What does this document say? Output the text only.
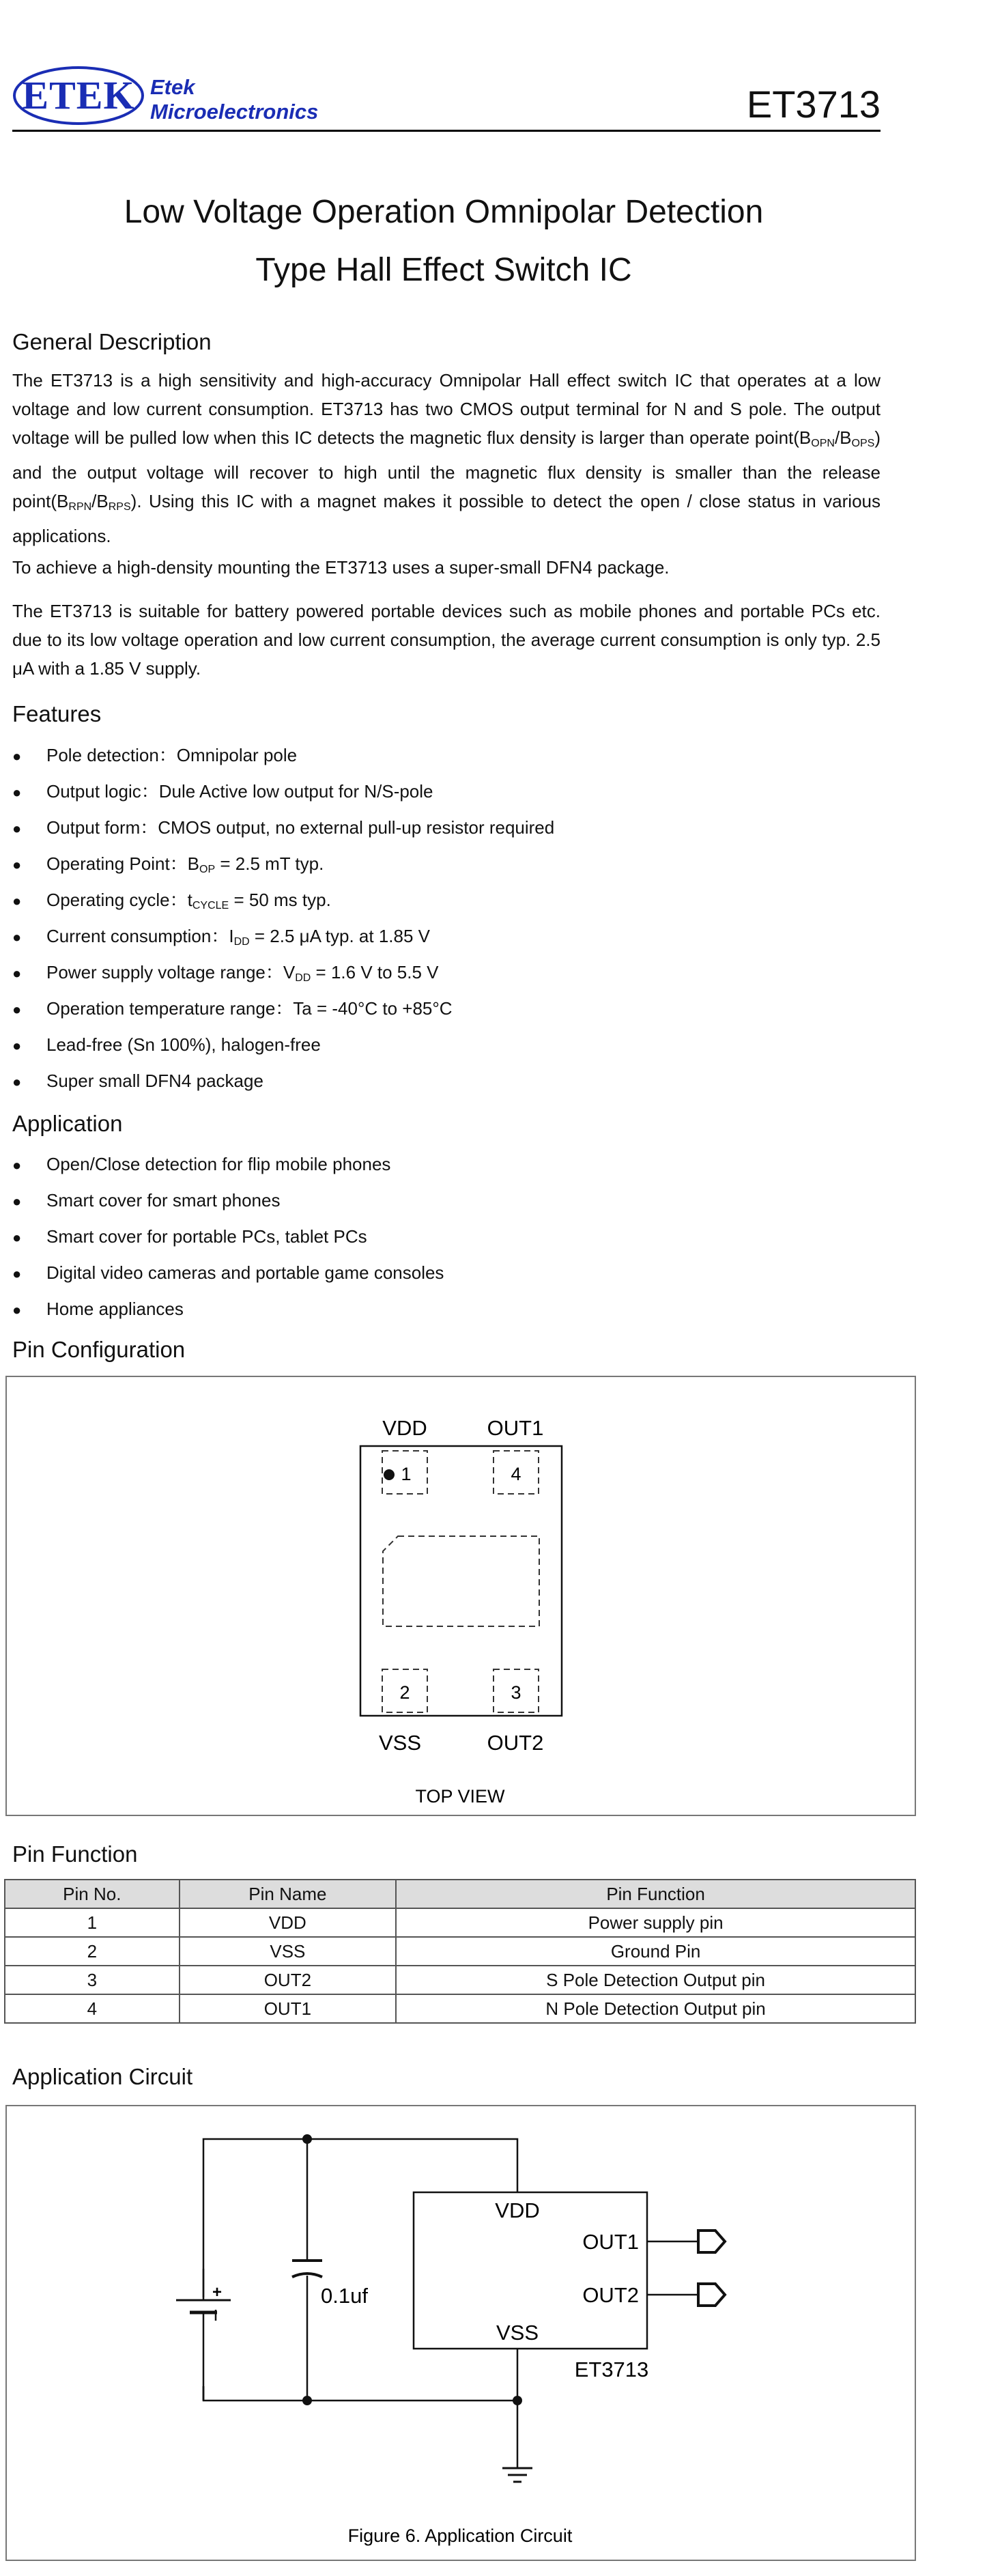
ETEK Etek
Microelectronics	ET3713
Low Voltage Operation Omnipolar Detection
Type Hall Effect Switch IC
General Description
The ET3713 is a high sensitivity and high-accuracy Omnipolar Hall effect switch IC that operates at a low voltage and low current consumption. ET3713 has two CMOS output terminal for N and S pole. The output voltage will be pulled low when this IC detects the magnetic flux density is larger than operate $point(B_{OPN}/B_{OPS})$ and the output voltage will recover to high until the magnetic flux density is smaller than the release $point(B_{RPN}/B_{RPS})$. Using this IC with a magnet makes it possible to detect the open / close status in various applications.
To achieve a high-density mounting the ET3713 uses a super-small DFN4 package.
The ET3713 is suitable for battery powered portable devices such as mobile phones and portable PCs etc. due to its low voltage operation and low current consumption, the average current consumption is only typ. 2.5 μA with a 1.85 V supply.
Features
● Pole detection：Omnipolar pole
● Output logic：Dule Active low output for N/S-pole
● Output form：CMOS output, no external pull-up resistor required
● Operating Point：$B_{OP} = 2.5$ mT typ.
● Operating cycle：$t_{CYCLE} = 50$ ms typ.
● Current consumption：$I_{DD} = 2.5$ μA typ. at 1.85 V
● Power supply voltage range：$V_{DD} = 1.6$ V to 5.5 V
● Operation temperature range：Ta = -40°C to +85°C
● Lead-free (Sn 100%), halogen-free
● Super small DFN4 package
Application
● Open/Close detection for flip mobile phones
● Smart cover for smart phones
● Smart cover for portable PCs, tablet PCs
● Digital video cameras and portable game consoles
● Home appliances
Pin Configuration
VDD	OUT1
1	4
2	3
VSS	OUT2
TOP VIEW
Pin Function
Pin No.	Pin Name	Pin Function
1	VDD	Power supply pin
2	VSS	Ground Pin
3	OUT2	S Pole Detection Output pin
4	OUT1	N Pole Detection Output pin
Application Circuit
+	0.1uf
VDD
OUT1
OUT2
VSS
ET3713
Figure 6. Application Circuit
